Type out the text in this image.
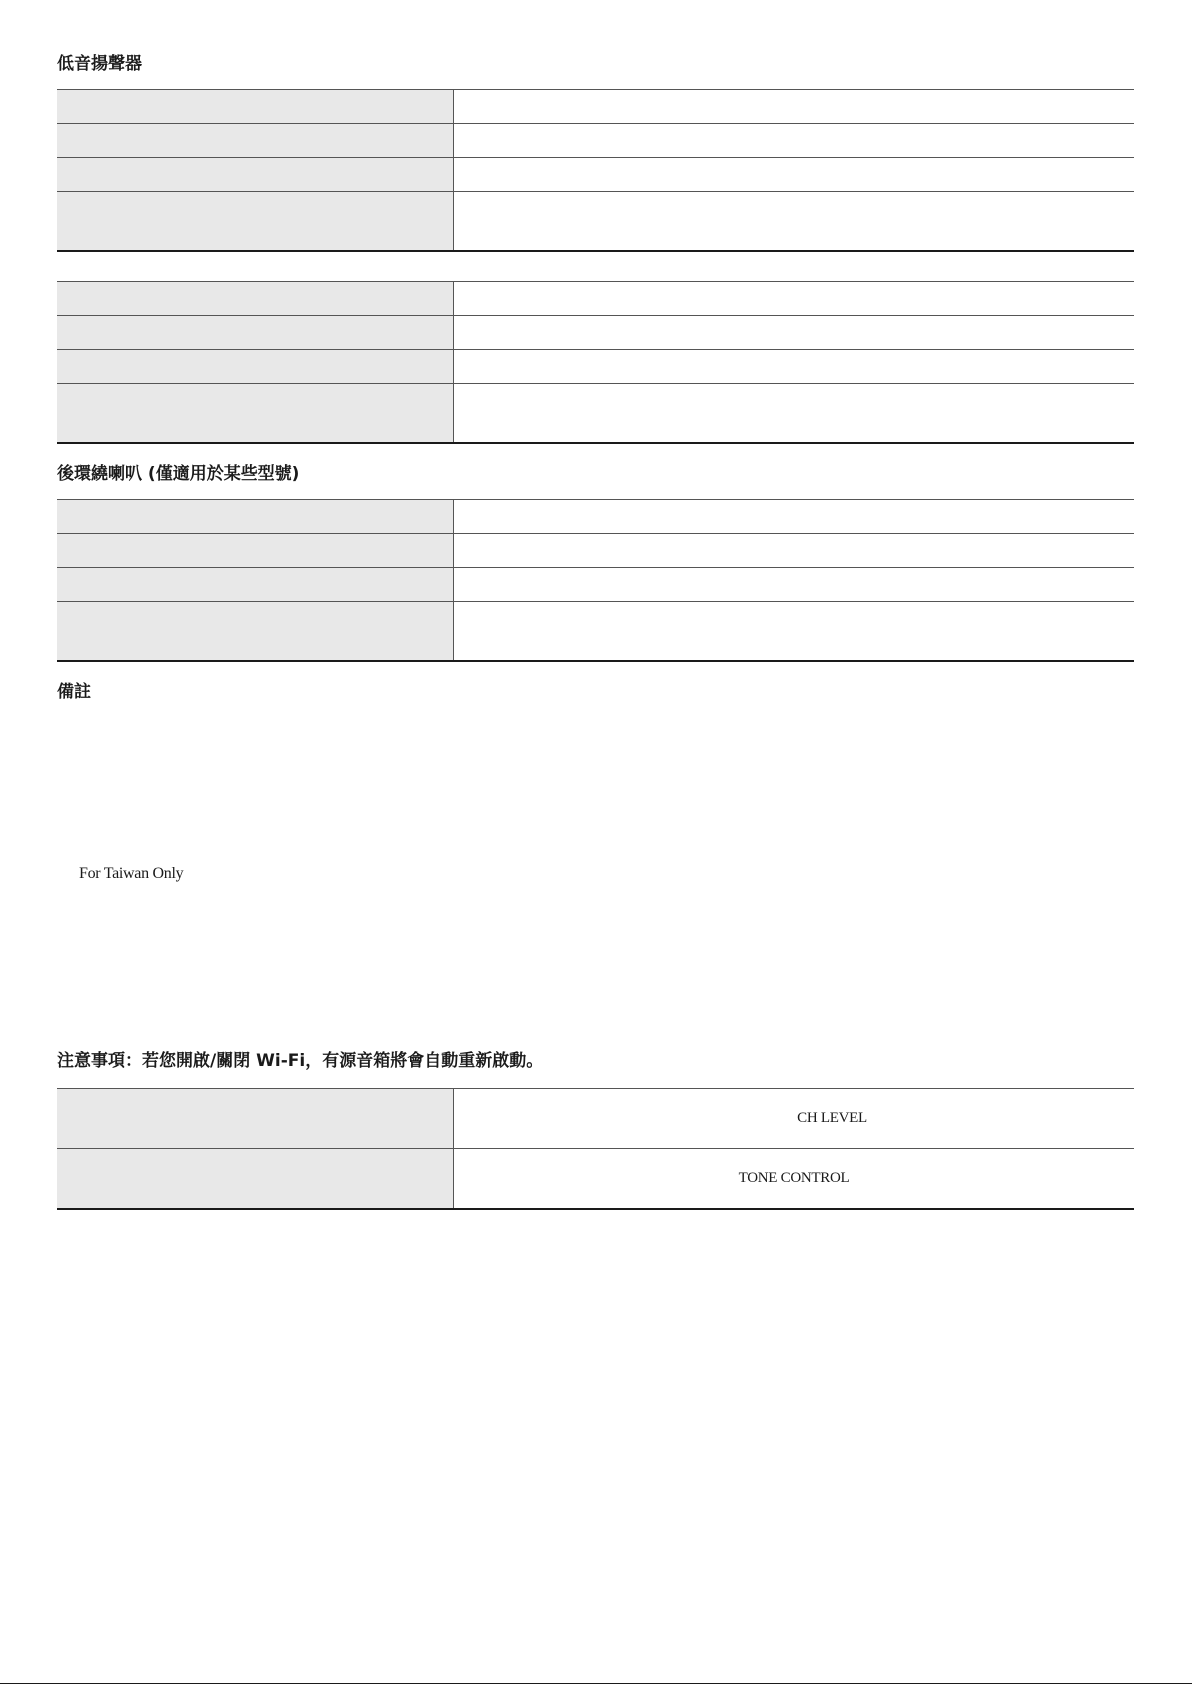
低音揚聲器

後環繞喇叭 (僅適用於某些型號)

備註
For Taiwan Only
注意事項：若您開啟/關閉 Wi-Fi，有源音箱將會自動重新啟動。
	CH LEVEL
	TONE CONTROL
